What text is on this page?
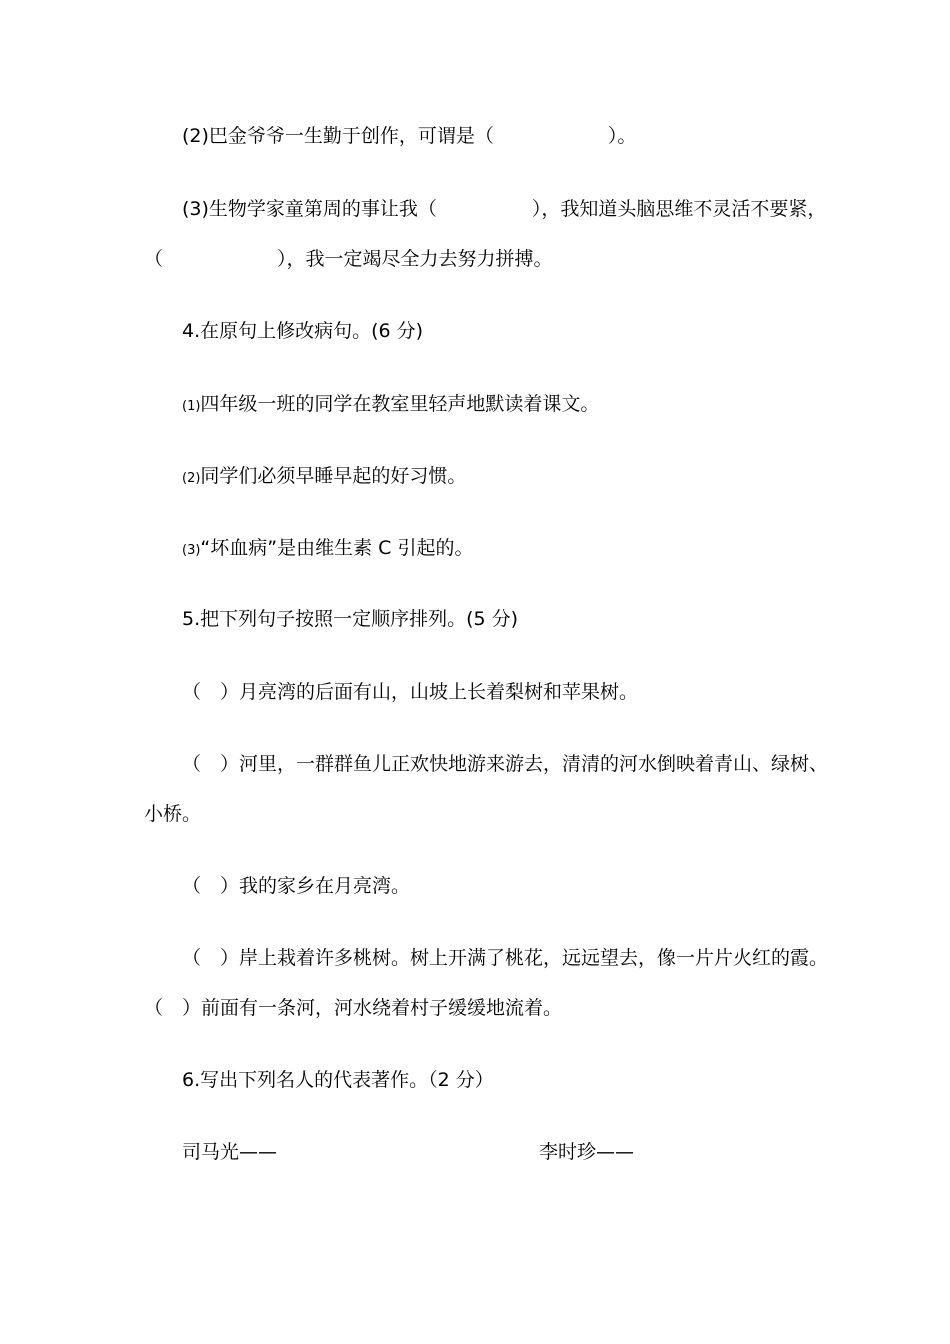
(2)巴金爷爷一生勤于创作，可谓是（　　　　　　）。
(3)生物学家童第周的事让我（　　　　　），我知道头脑思维不灵活不要紧，
（　　　　　　），我一定竭尽全力去努力拼搏。
4.在原句上修改病句。(6 分)
(1)四年级一班的同学在教室里轻声地默读着课文。
(2)同学们必须早睡早起的好习惯。
(3)“坏血病”是由维生素 C 引起的。
5.把下列句子按照一定顺序排列。(5 分)
（　）月亮湾的后面有山，山坡上长着梨树和苹果树。
（　）河里，一群群鱼儿正欢快地游来游去，清清的河水倒映着青山、绿树、
小桥。
（　）我的家乡在月亮湾。
（　）岸上栽着许多桃树。树上开满了桃花，远远望去，像一片片火红的霞。
（　）前面有一条河，河水绕着村子缓缓地流着。
6.写出下列名人的代表著作。（2 分）
司马光——	李时珍——
